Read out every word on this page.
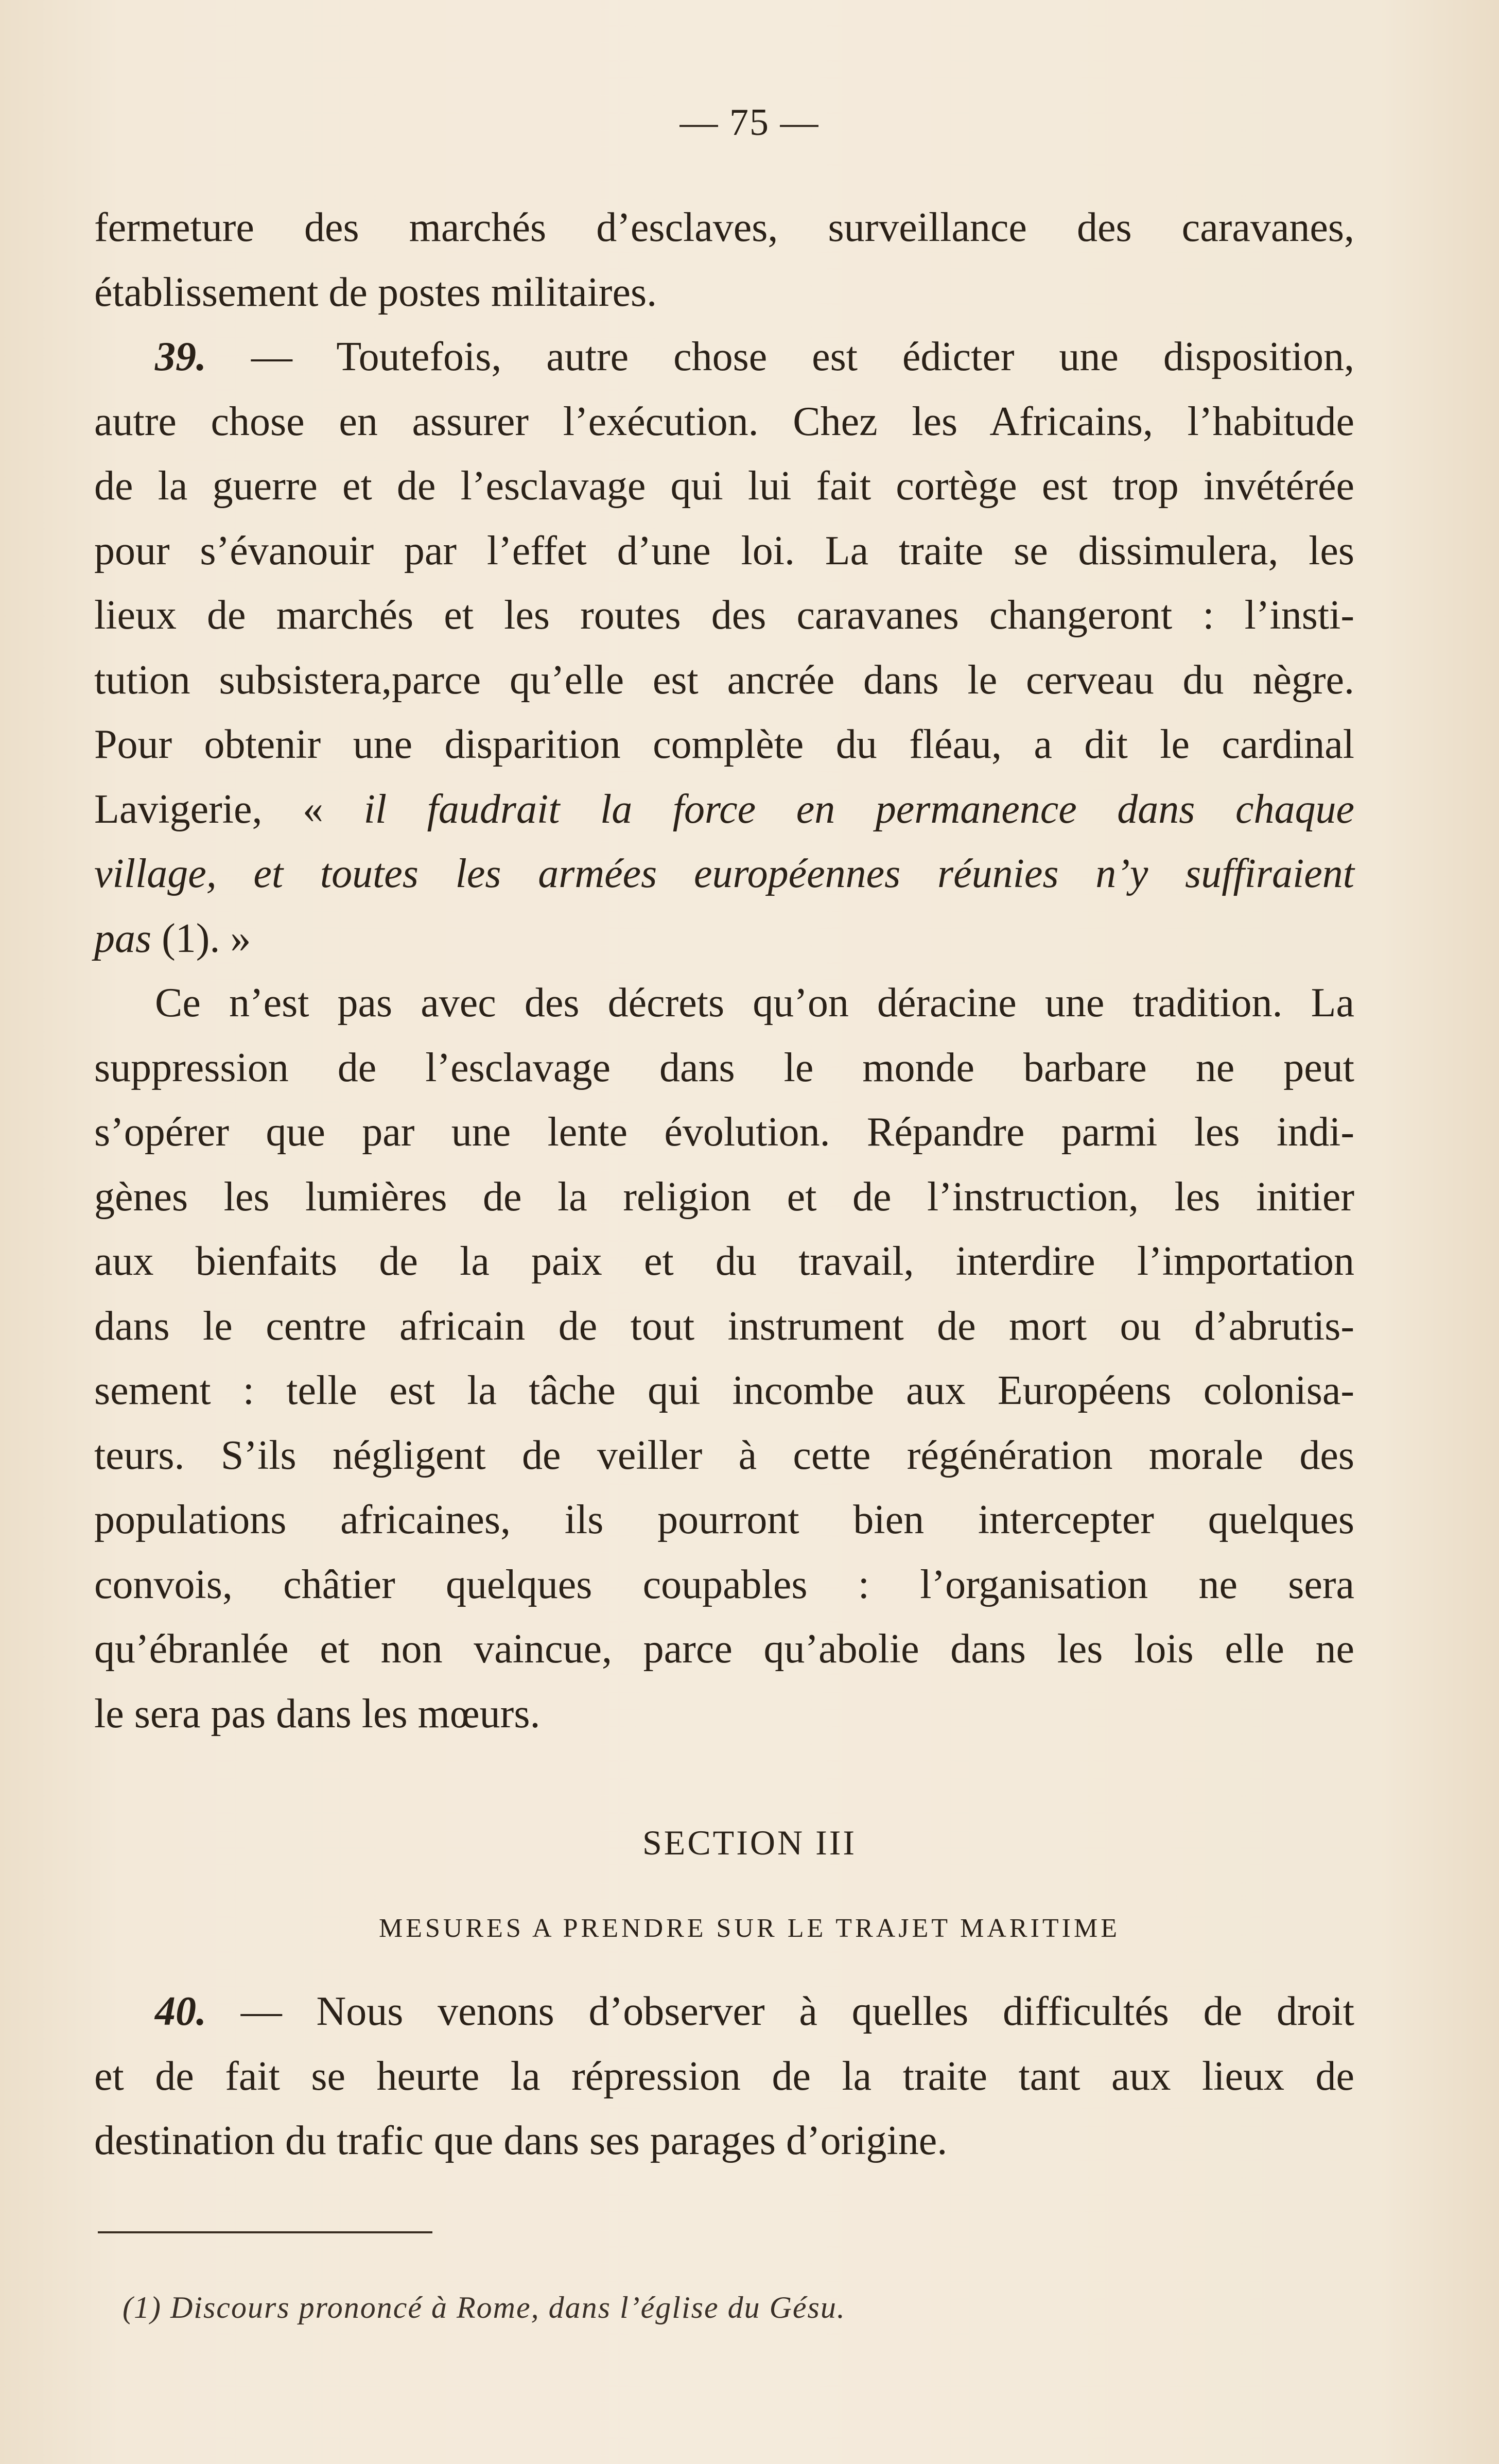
— 75 —
fermeture des marchés d’esclaves, surveillance des caravanes,
établissement de postes militaires.
39. — Toutefois, autre chose est édicter une disposition,
autre chose en assurer l’exécution. Chez les Africains, l’habitude
de la guerre et de l’esclavage qui lui fait cortège est trop invétérée
pour s’évanouir par l’effet d’une loi. La traite se dissimulera, les
lieux de marchés et les routes des caravanes changeront : l’insti-
tution subsistera,parce qu’elle est ancrée dans le cerveau du nègre.
Pour obtenir une disparition complète du fléau, a dit le cardinal
Lavigerie, « il faudrait la force en permanence dans chaque
village, et toutes les armées européennes réunies n’y suffiraient
pas (1). »
Ce n’est pas avec des décrets qu’on déracine une tradition. La
suppression de l’esclavage dans le monde barbare ne peut
s’opérer que par une lente évolution. Répandre parmi les indi-
gènes les lumières de la religion et de l’instruction, les initier
aux bienfaits de la paix et du travail, interdire l’importation
dans le centre africain de tout instrument de mort ou d’abrutis-
sement : telle est la tâche qui incombe aux Européens colonisa-
teurs. S’ils négligent de veiller à cette régénération morale des
populations africaines, ils pourront bien intercepter quelques
convois, châtier quelques coupables : l’organisation ne sera
qu’ébranlée et non vaincue, parce qu’abolie dans les lois elle ne
le sera pas dans les mœurs.
SECTION III
MESURES A PRENDRE SUR LE TRAJET MARITIME
40. — Nous venons d’observer à quelles difficultés de droit
et de fait se heurte la répression de la traite tant aux lieux de
destination du trafic que dans ses parages d’origine.
(1) Discours prononcé à Rome, dans l’église du Gésu.
